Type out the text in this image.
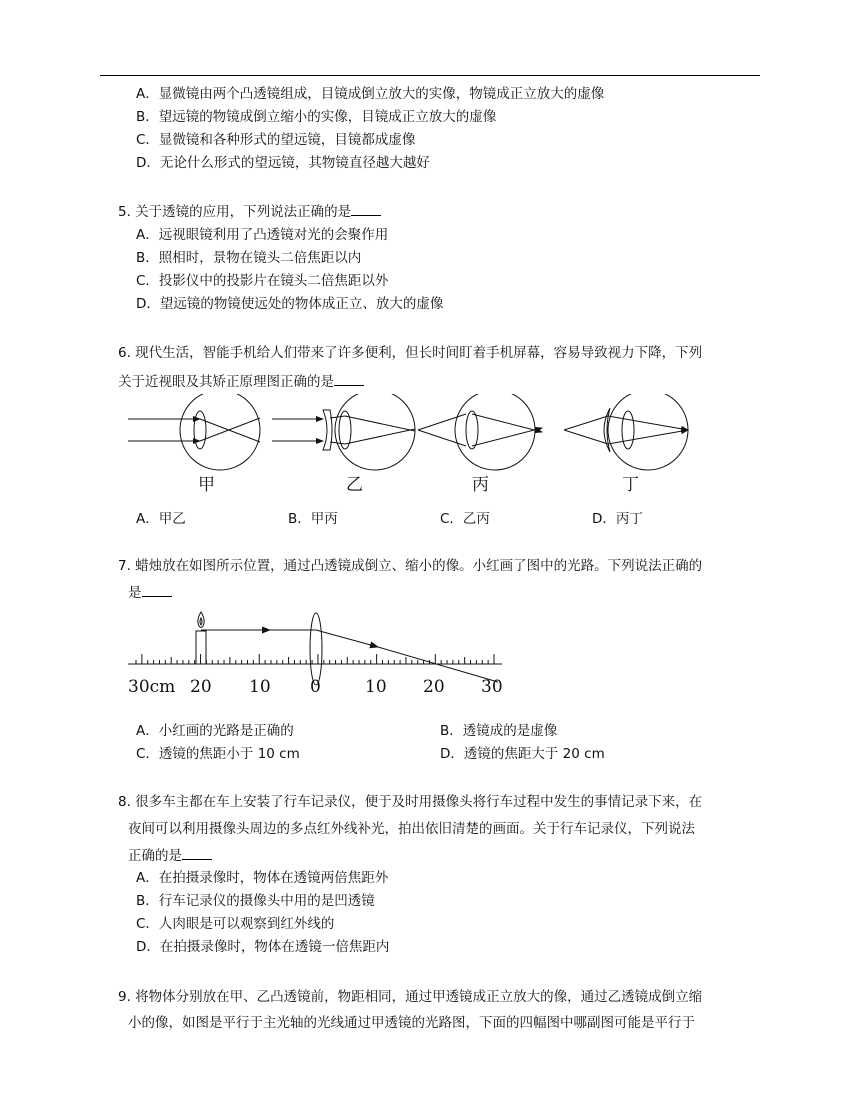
A．显微镜由两个凸透镜组成，目镜成倒立放大的实像，物镜成正立放大的虚像
B．望远镜的物镜成倒立缩小的实像，目镜成正立放大的虚像
C．显微镜和各种形式的望远镜，目镜都成虚像
D．无论什么形式的望远镜，其物镜直径越大越好
5. 关于透镜的应用，下列说法正确的是
A．远视眼镜利用了凸透镜对光的会聚作用
B．照相时，景物在镜头二倍焦距以内
C．投影仪中的投影片在镜头二倍焦距以外
D．望远镜的物镜使远处的物体成正立、放大的虚像
6. 现代生活，智能手机给人们带来了许多便利，但长时间盯着手机屏幕，容易导致视力下降，下列
关于近视眼及其矫正原理图正确的是
甲	乙	丙	丁
A．甲乙	B．甲丙	C．乙丙	D．丙丁
7. 蜡烛放在如图所示位置，通过凸透镜成倒立、缩小的像。小红画了图中的光路。下列说法正确的
是
30cm 20 10 0	10 20 30
A．小红画的光路是正确的	B．透镜成的是虚像
C．透镜的焦距小于 10 cm	D．透镜的焦距大于 20 cm
8. 很多车主都在车上安装了行车记录仪，便于及时用摄像头将行车过程中发生的事情记录下来，在
夜间可以利用摄像头周边的多点红外线补光，拍出依旧清楚的画面。关于行车记录仪，下列说法
正确的是
A．在拍摄录像时，物体在透镜两倍焦距外
B．行车记录仪的摄像头中用的是凹透镜
C．人肉眼是可以观察到红外线的
D．在拍摄录像时，物体在透镜一倍焦距内
9. 将物体分别放在甲、乙凸透镜前，物距相同，通过甲透镜成正立放大的像，通过乙透镜成倒立缩
小的像，如图是平行于主光轴的光线通过甲透镜的光路图，下面的四幅图中哪副图可能是平行于
